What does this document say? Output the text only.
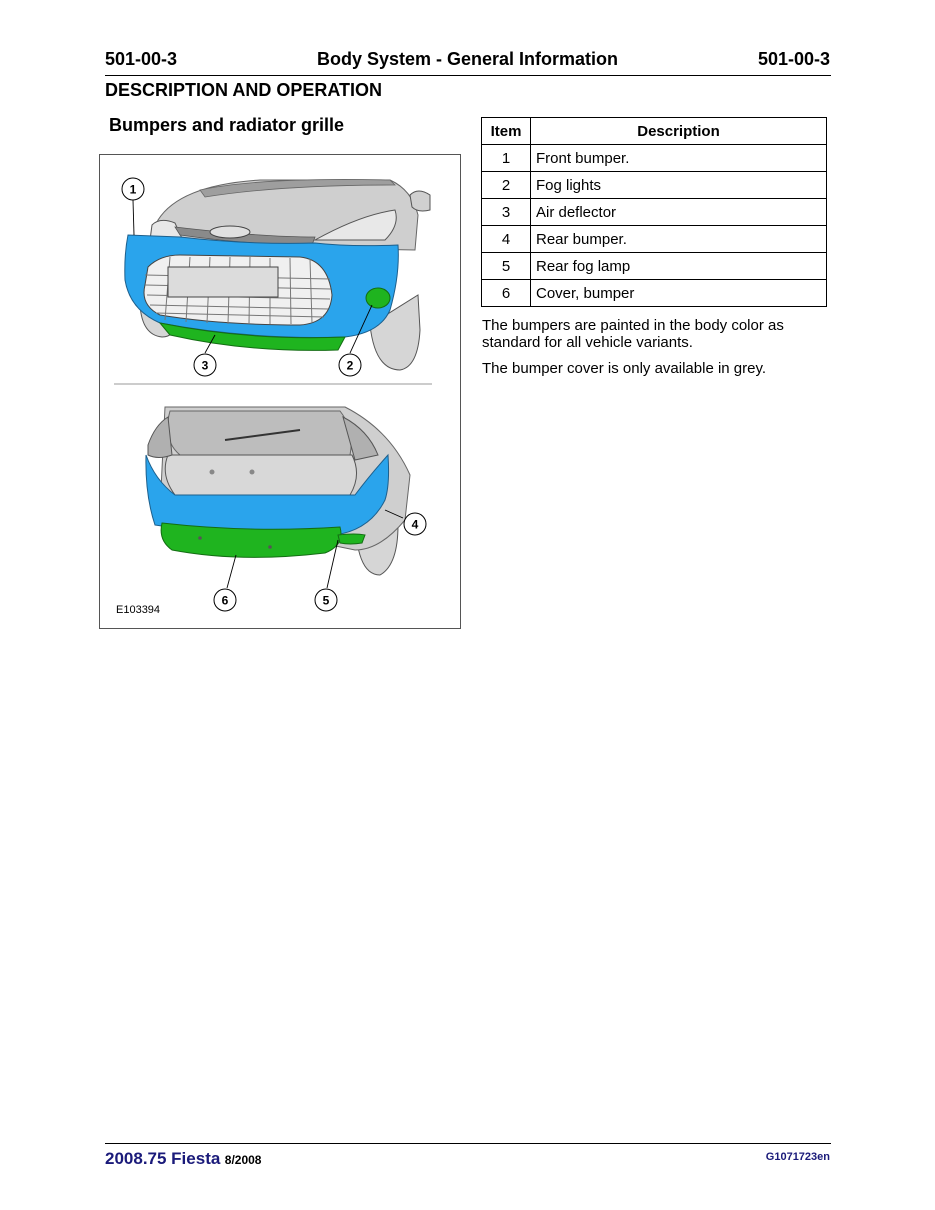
501-00-3	Body System - General Information	501-00-3
DESCRIPTION AND OPERATION
Bumpers and radiator grille
1
3	2
4
6	5
E103394
Item	Description
1	Front bumper.
2	Fog lights
3	Air deflector
4	Rear bumper.
5	Rear fog lamp
6	Cover, bumper
The bumpers are painted in the body color as standard for all vehicle variants.
The bumper cover is only available in grey.
2008.75 Fiesta 8/2008	G1071723en
